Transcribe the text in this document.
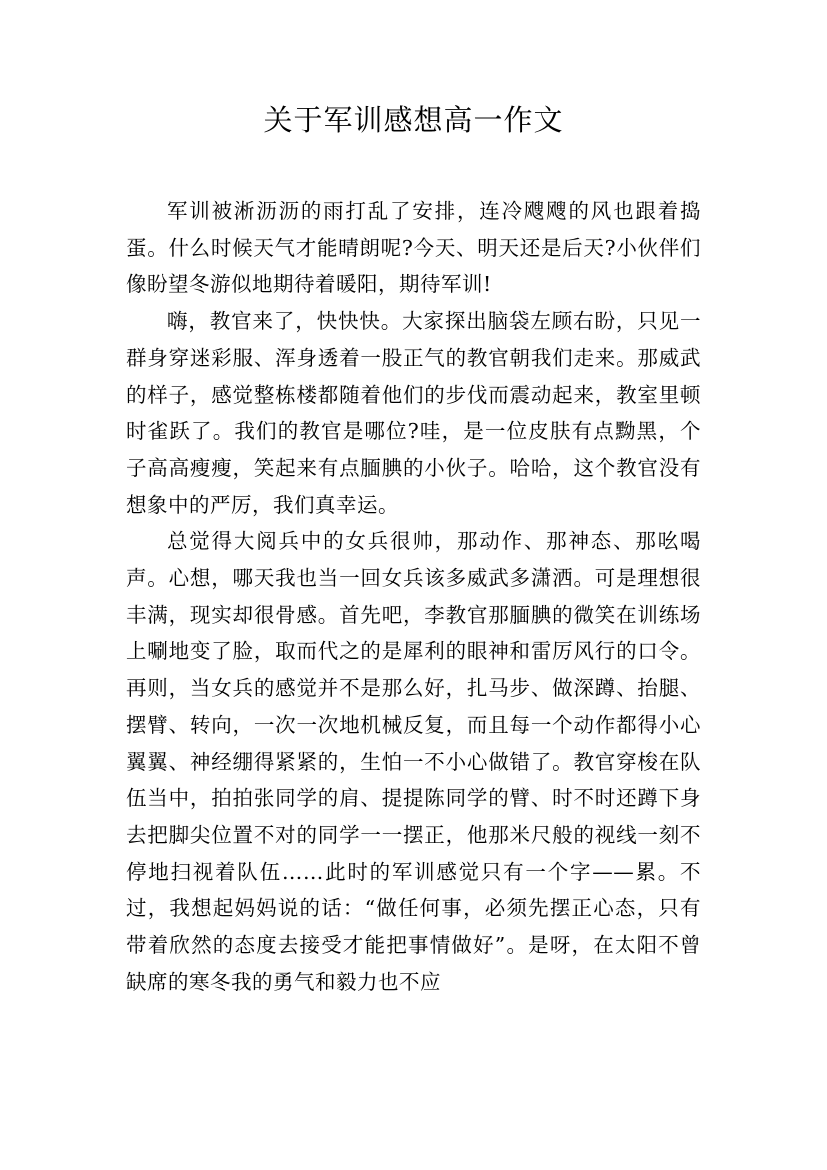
关于军训感想高一作文

军训被淅沥沥的雨打乱了安排，连冷飕飕的风也跟着捣蛋。什么时候天气才能晴朗呢?今天、明天还是后天?小伙伴们像盼望冬游似地期待着暖阳，期待军训!

嗨，教官来了，快快快。大家探出脑袋左顾右盼，只见一群身穿迷彩服、浑身透着一股正气的教官朝我们走来。那威武的样子，感觉整栋楼都随着他们的步伐而震动起来，教室里顿时雀跃了。我们的教官是哪位?哇，是一位皮肤有点黝黑，个子高高瘦瘦，笑起来有点腼腆的小伙子。哈哈，这个教官没有想象中的严厉，我们真幸运。

总觉得大阅兵中的女兵很帅，那动作、那神态、那吆喝声。心想，哪天我也当一回女兵该多威武多潇洒。可是理想很丰满，现实却很骨感。首先吧，李教官那腼腆的微笑在训练场上唰地变了脸，取而代之的是犀利的眼神和雷厉风行的口令。再则，当女兵的感觉并不是那么好，扎马步、做深蹲、抬腿、摆臂、转向，一次一次地机械反复，而且每一个动作都得小心翼翼、神经绷得紧紧的，生怕一不小心做错了。教官穿梭在队伍当中，拍拍张同学的肩、提提陈同学的臂、时不时还蹲下身去把脚尖位置不对的同学一一摆正，他那米尺般的视线一刻不停地扫视着队伍……此时的军训感觉只有一个字——累。不过，我想起妈妈说的话：“做任何事，必须先摆正心态，只有带着欣然的态度去接受才能把事情做好”。是呀，在太阳不曾缺席的寒冬我的勇气和毅力也不应
